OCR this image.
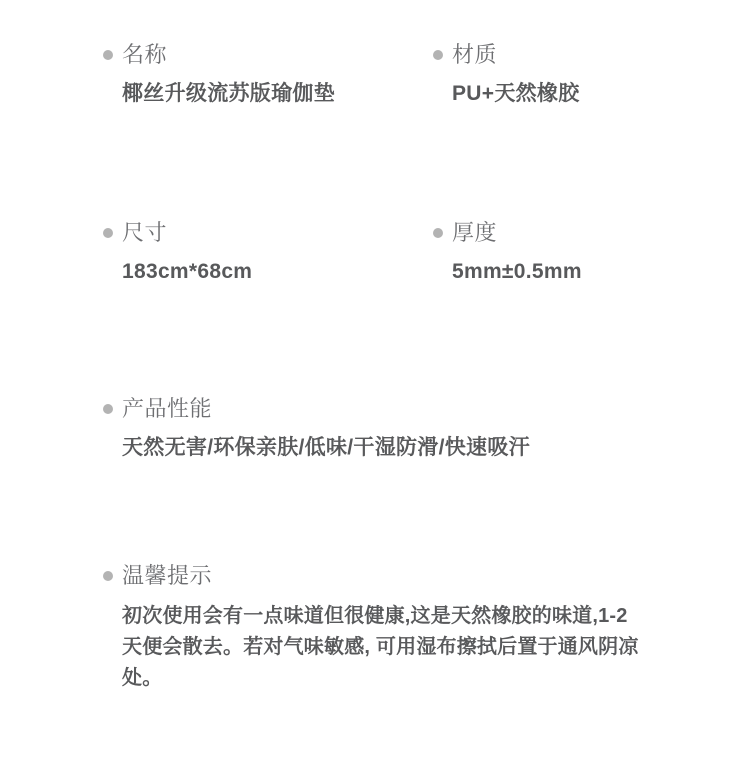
名称
椰丝升级流苏版瑜伽垫
材质
PU+天然橡胶
尺寸
183cm*68cm
厚度
5mm±0.5mm
产品性能
天然无害/环保亲肤/低味/干湿防滑/快速吸汗
温馨提示
初次使用会有一点味道但很健康,这是天然橡胶的味道,1-2天便会散去。若对气味敏感, 可用湿布擦拭后置于通风阴凉处。
